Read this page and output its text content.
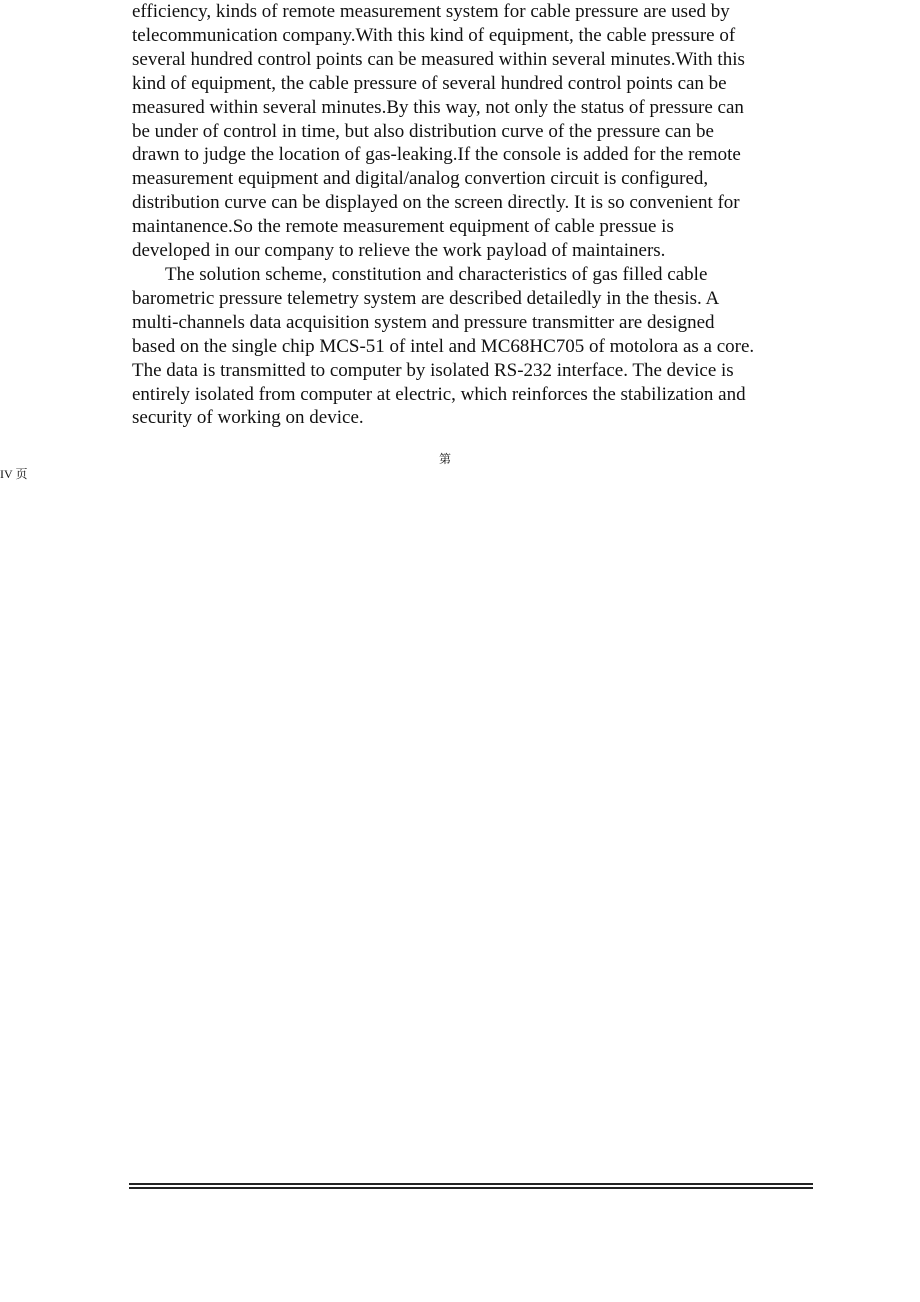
efficiency, kinds of remote measurement system for cable pressure are used by telecommunication company.With this kind of equipment, the cable pressure of several hundred control points can be measured within several minutes.With this kind of equipment, the cable pressure of several hundred control points can be measured within several minutes.By this way, not only the status of pressure can be under of control in time, but also distribution curve of the pressure can be drawn to judge the location of gas-leaking.If the console is added for the remote measurement equipment and digital/analog convertion circuit is configured, distribution curve can be displayed on the screen directly. It is so convenient for maintanence.So the remote measurement equipment of cable pressue is developed in our company to relieve the work payload of maintainers.

The solution scheme, constitution and characteristics of gas filled cable barometric pressure telemetry system are described detailedly in the thesis. A multi-channels data acquisition system and pressure transmitter are designed based on the single chip MCS-51 of intel and MC68HC705 of motolora as a core. The data is transmitted to computer by isolated RS-232 interface. The device is entirely isolated from computer at electric, which reinforces the stabilization and security of working on device.

第
IV 页
